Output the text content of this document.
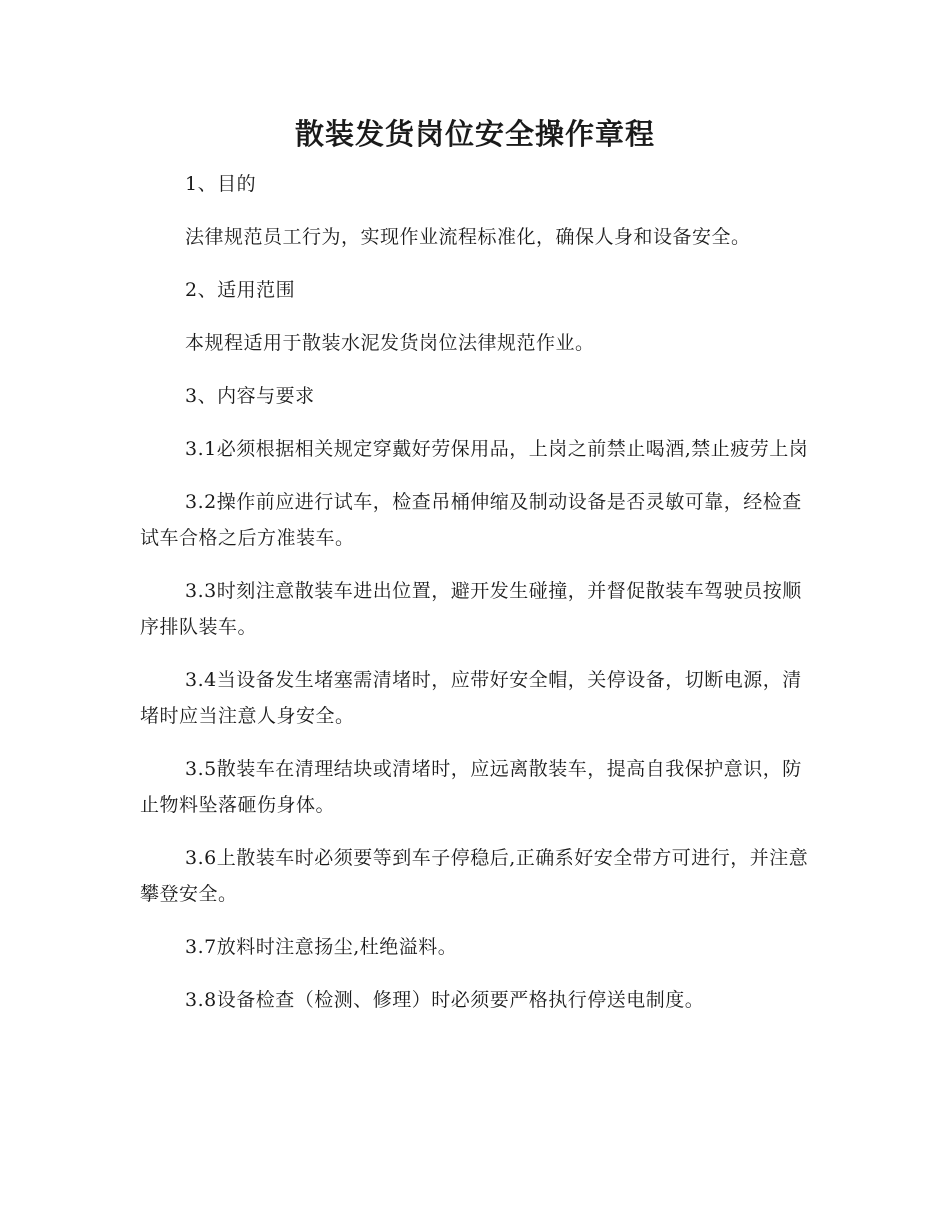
散装发货岗位安全操作章程

1、目的

法律规范员工行为，实现作业流程标准化，确保人身和设备安全。

2、适用范围

本规程适用于散装水泥发货岗位法律规范作业。

3、内容与要求

3.1必须根据相关规定穿戴好劳保用品，上岗之前禁止喝酒,禁止疲劳上岗

3.2操作前应进行试车，检查吊桶伸缩及制动设备是否灵敏可靠，经检查试车合格之后方准装车。

3.3时刻注意散装车进出位置，避开发生碰撞，并督促散装车驾驶员按顺序排队装车。

3.4当设备发生堵塞需清堵时，应带好安全帽，关停设备，切断电源，清堵时应当注意人身安全。

3.5散装车在清理结块或清堵时，应远离散装车，提高自我保护意识，防止物料坠落砸伤身体。

3.6上散装车时必须要等到车子停稳后,正确系好安全带方可进行，并注意攀登安全。

3.7放料时注意扬尘,杜绝溢料。

3.8设备检查（检测、修理）时必须要严格执行停送电制度。
